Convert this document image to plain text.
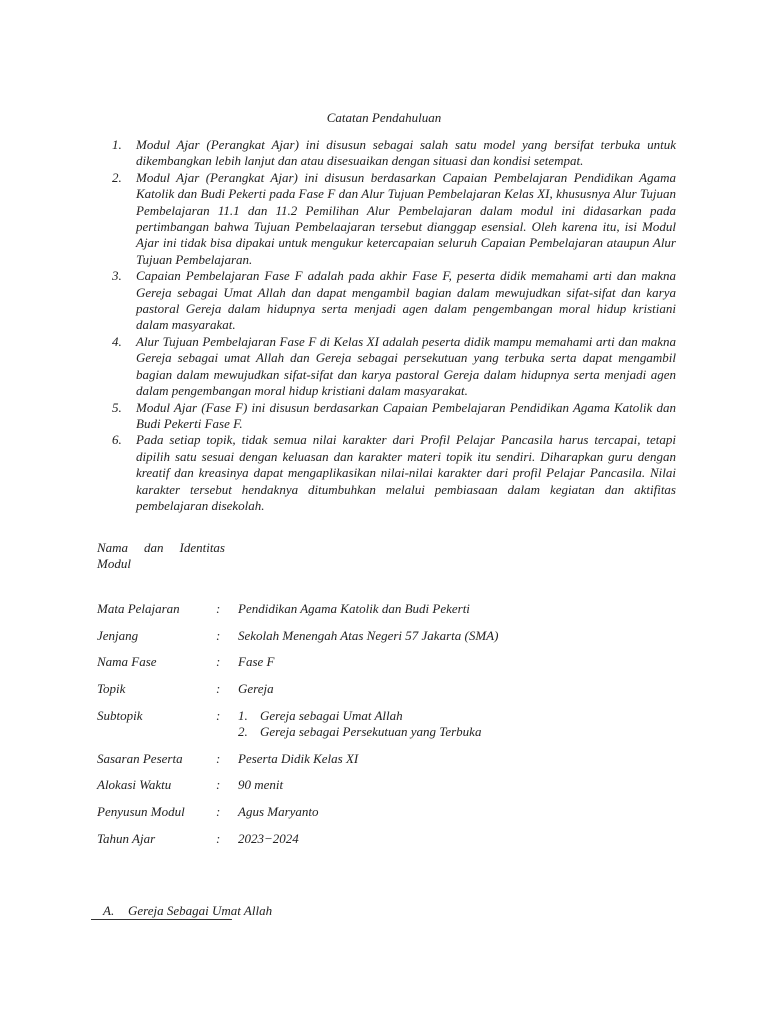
Catatan Pendahuluan
1. Modul Ajar (Perangkat Ajar) ini disusun sebagai salah satu model yang bersifat terbuka untuk dikembangkan lebih lanjut dan atau disesuaikan dengan situasi dan kondisi setempat.
2. Modul Ajar (Perangkat Ajar) ini disusun berdasarkan Capaian Pembelajaran Pendidikan Agama Katolik dan Budi Pekerti pada Fase F dan Alur Tujuan Pembelajaran Kelas XI, khususnya Alur Tujuan Pembelajaran 11.1 dan 11.2 Pemilihan Alur Pembelajaran dalam modul ini didasarkan pada pertimbangan bahwa Tujuan Pembelaajaran tersebut dianggap esensial. Oleh karena itu, isi Modul Ajar ini tidak bisa dipakai untuk mengukur ketercapaian seluruh Capaian Pembelajaran ataupun Alur Tujuan Pembelajaran.
3. Capaian Pembelajaran Fase F adalah pada akhir Fase F, peserta didik memahami arti dan makna Gereja sebagai Umat Allah dan dapat mengambil bagian dalam mewujudkan sifat-sifat dan karya pastoral Gereja dalam hidupnya serta menjadi agen dalam pengembangan moral hidup kristiani dalam masyarakat.
4. Alur Tujuan Pembelajaran Fase F di Kelas XI adalah peserta didik mampu memahami arti dan makna Gereja sebagai umat Allah dan Gereja sebagai persekutuan yang terbuka serta dapat mengambil bagian dalam mewujudkan sifat-sifat dan karya pastoral Gereja dalam hidupnya serta menjadi agen dalam pengembangan moral hidup kristiani dalam masyarakat.
5. Modul Ajar (Fase F) ini disusun berdasarkan Capaian Pembelajaran Pendidikan Agama Katolik dan Budi Pekerti Fase F.
6. Pada setiap topik, tidak semua nilai karakter dari Profil Pelajar Pancasila harus tercapai, tetapi dipilih satu sesuai dengan keluasan dan karakter materi topik itu sendiri. Diharapkan guru dengan kreatif dan kreasinya dapat mengaplikasikan nilai-nilai karakter dari profil Pelajar Pancasila. Nilai karakter tersebut hendaknya ditumbuhkan melalui pembiasaan dalam kegiatan dan aktifitas pembelajaran disekolah.
Nama dan Identitas
Modul
Mata Pelajaran	: Pendidikan Agama Katolik dan Budi Pekerti
Jenjang	: Sekolah Menengah Atas Negeri 57 Jakarta (SMA)
Nama Fase	: Fase F
Topik	: Gereja
Subtopik	: 1. Gereja sebagai Umat Allah
2. Gereja sebagai Persekutuan yang Terbuka
Sasaran Peserta	: Peserta Didik Kelas XI
Alokasi Waktu	: 90 menit
Penyusun Modul : Agus Maryanto
Tahun Ajar	: 2023−2024
A. Gereja Sebagai Umat Allah
